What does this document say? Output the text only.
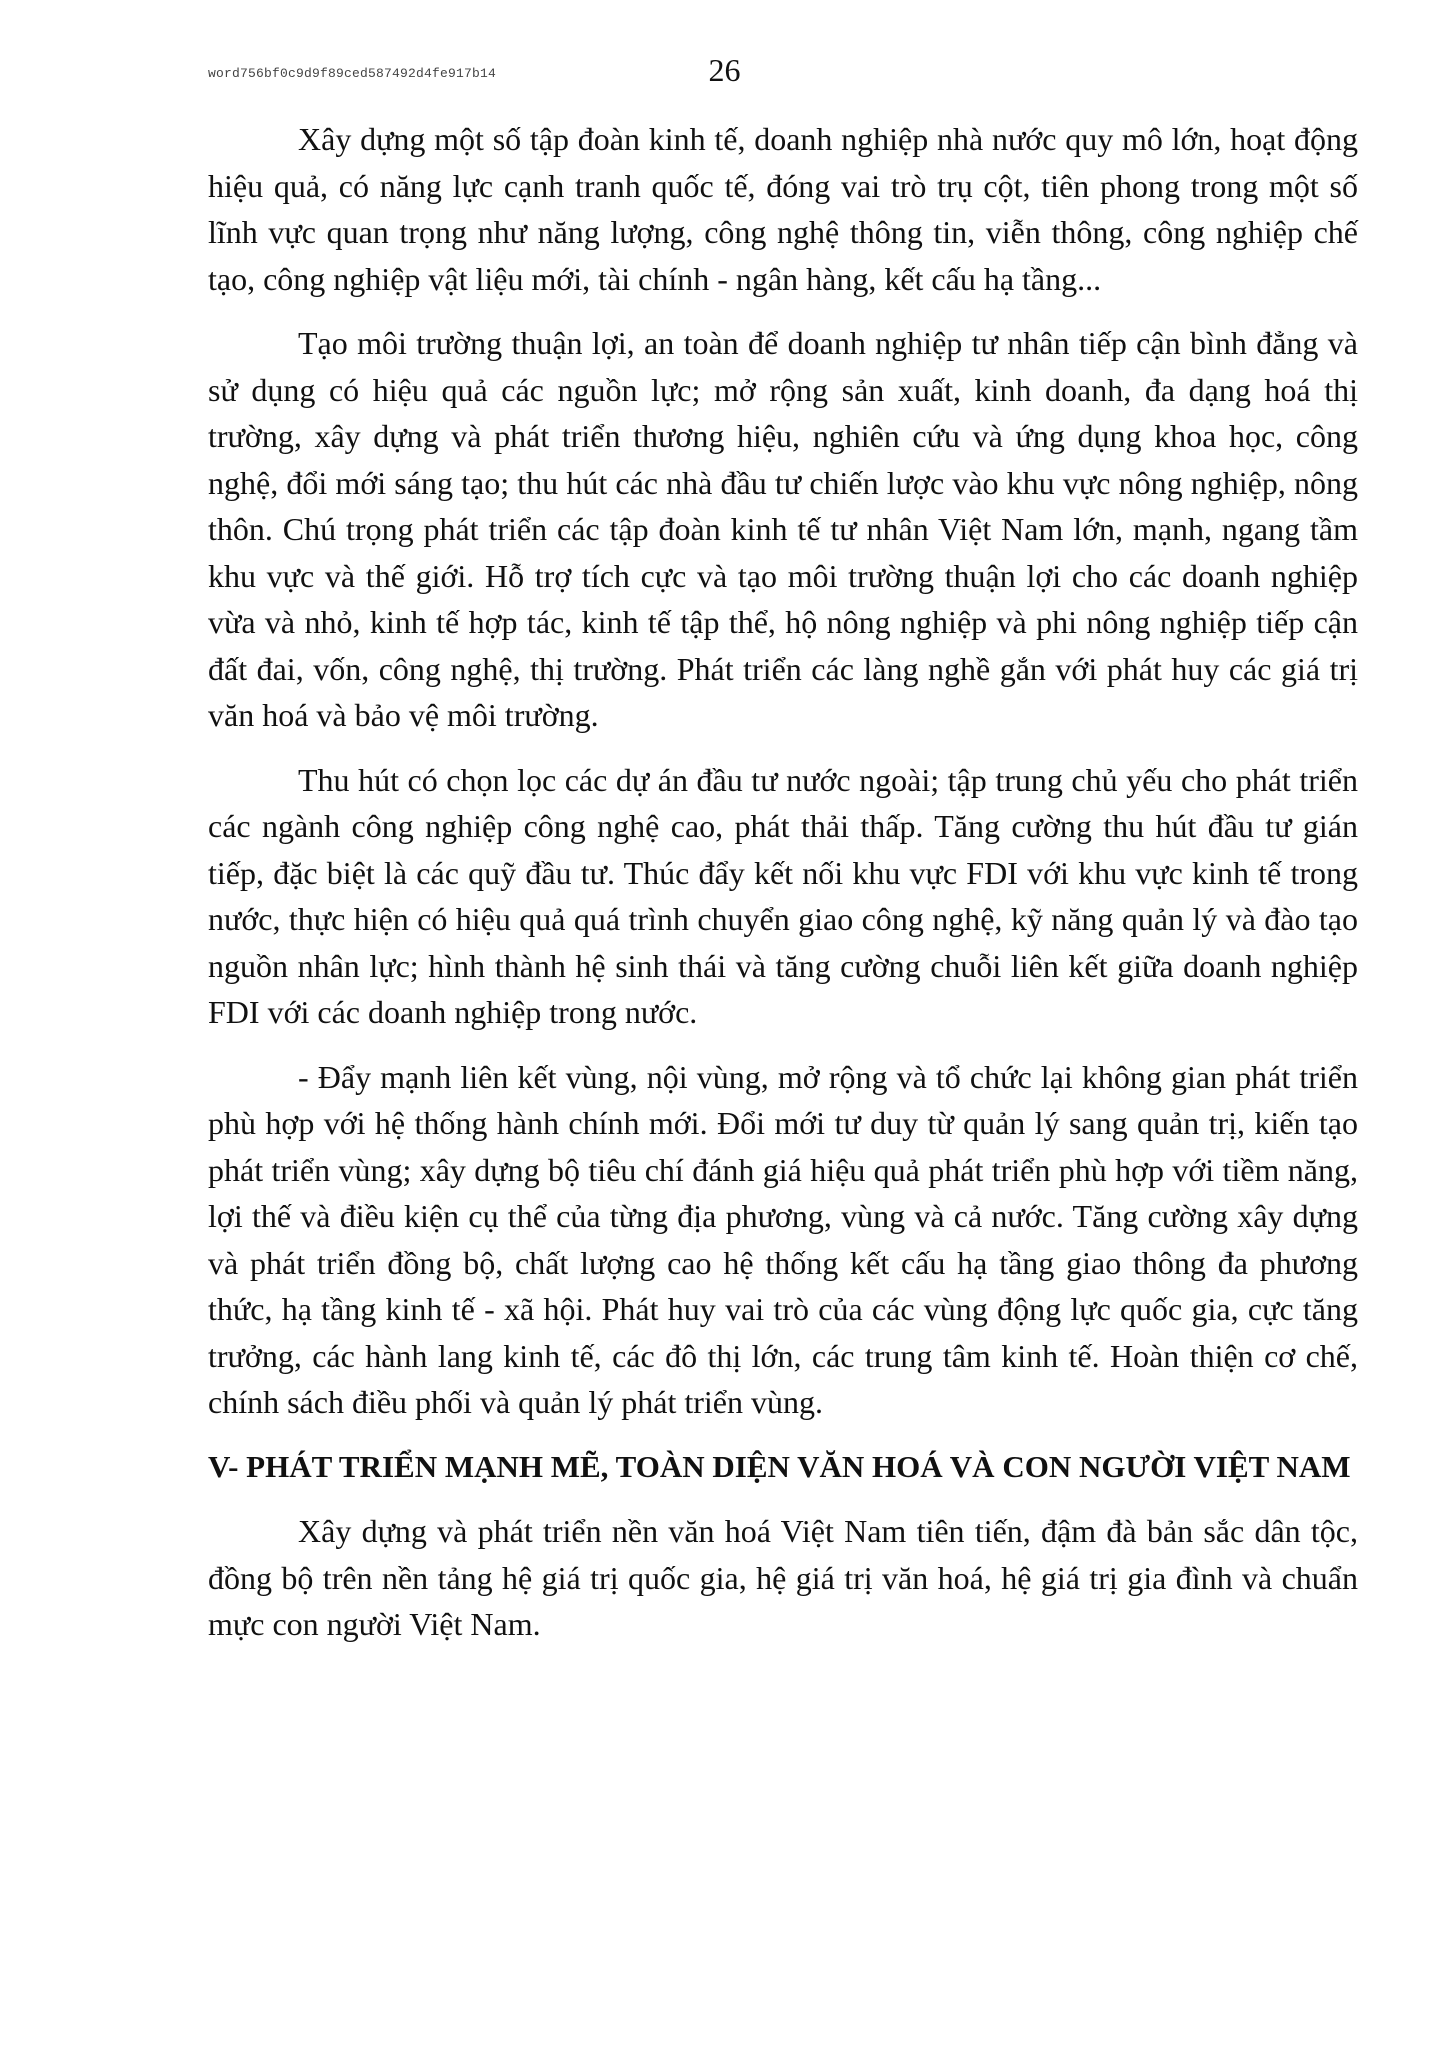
word756bf0c9d9f89ced587492d4fe917b14	26

Xây dựng một số tập đoàn kinh tế, doanh nghiệp nhà nước quy mô lớn, hoạt động hiệu quả, có năng lực cạnh tranh quốc tế, đóng vai trò trụ cột, tiên phong trong một số lĩnh vực quan trọng như năng lượng, công nghệ thông tin, viễn thông, công nghiệp chế tạo, công nghiệp vật liệu mới, tài chính - ngân hàng, kết cấu hạ tầng...

Tạo môi trường thuận lợi, an toàn để doanh nghiệp tư nhân tiếp cận bình đẳng và sử dụng có hiệu quả các nguồn lực; mở rộng sản xuất, kinh doanh, đa dạng hoá thị trường, xây dựng và phát triển thương hiệu, nghiên cứu và ứng dụng khoa học, công nghệ, đổi mới sáng tạo; thu hút các nhà đầu tư chiến lược vào khu vực nông nghiệp, nông thôn. Chú trọng phát triển các tập đoàn kinh tế tư nhân Việt Nam lớn, mạnh, ngang tầm khu vực và thế giới. Hỗ trợ tích cực và tạo môi trường thuận lợi cho các doanh nghiệp vừa và nhỏ, kinh tế hợp tác, kinh tế tập thể, hộ nông nghiệp và phi nông nghiệp tiếp cận đất đai, vốn, công nghệ, thị trường. Phát triển các làng nghề gắn với phát huy các giá trị văn hoá và bảo vệ môi trường.

Thu hút có chọn lọc các dự án đầu tư nước ngoài; tập trung chủ yếu cho phát triển các ngành công nghiệp công nghệ cao, phát thải thấp. Tăng cường thu hút đầu tư gián tiếp, đặc biệt là các quỹ đầu tư. Thúc đẩy kết nối khu vực FDI với khu vực kinh tế trong nước, thực hiện có hiệu quả quá trình chuyển giao công nghệ, kỹ năng quản lý và đào tạo nguồn nhân lực; hình thành hệ sinh thái và tăng cường chuỗi liên kết giữa doanh nghiệp FDI với các doanh nghiệp trong nước.

- Đẩy mạnh liên kết vùng, nội vùng, mở rộng và tổ chức lại không gian phát triển phù hợp với hệ thống hành chính mới. Đổi mới tư duy từ quản lý sang quản trị, kiến tạo phát triển vùng; xây dựng bộ tiêu chí đánh giá hiệu quả phát triển phù hợp với tiềm năng, lợi thế và điều kiện cụ thể của từng địa phương, vùng và cả nước. Tăng cường xây dựng và phát triển đồng bộ, chất lượng cao hệ thống kết cấu hạ tầng giao thông đa phương thức, hạ tầng kinh tế - xã hội. Phát huy vai trò của các vùng động lực quốc gia, cực tăng trưởng, các hành lang kinh tế, các đô thị lớn, các trung tâm kinh tế. Hoàn thiện cơ chế, chính sách điều phối và quản lý phát triển vùng.

V- PHÁT TRIỂN MẠNH MẼ, TOÀN DIỆN VĂN HOÁ VÀ CON NGƯỜI VIỆT NAM

Xây dựng và phát triển nền văn hoá Việt Nam tiên tiến, đậm đà bản sắc dân tộc, đồng bộ trên nền tảng hệ giá trị quốc gia, hệ giá trị văn hoá, hệ giá trị gia đình và chuẩn mực con người Việt Nam.
